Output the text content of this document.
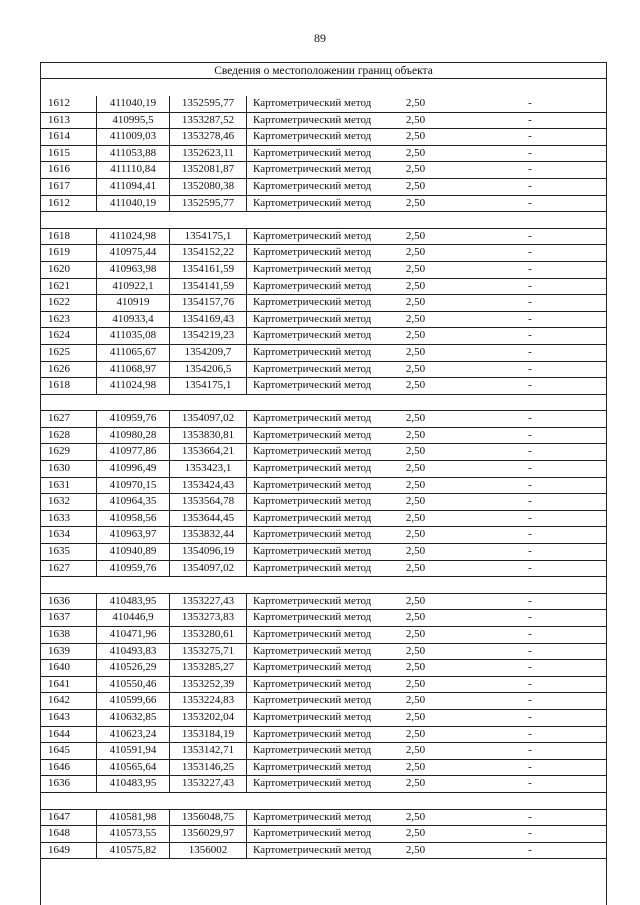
89
Сведения о местоположении границ объекта
1612	411040,19	1352595,77	Картометрический метод	2,50	-
1613	410995,5	1353287,52	Картометрический метод	2,50	-
1614	411009,03	1353278,46	Картометрический метод	2,50	-
1615	411053,88	1352623,11	Картометрический метод	2,50	-
1616	411110,84	1352081,87	Картометрический метод	2,50	-
1617	411094,41	1352080,38	Картометрический метод	2,50	-
1612	411040,19	1352595,77	Картометрический метод	2,50	-

1618	411024,98	1354175,1	Картометрический метод	2,50	-
1619	410975,44	1354152,22	Картометрический метод	2,50	-
1620	410963,98	1354161,59	Картометрический метод	2,50	-
1621	410922,1	1354141,59	Картометрический метод	2,50	-
1622	410919	1354157,76	Картометрический метод	2,50	-
1623	410933,4	1354169,43	Картометрический метод	2,50	-
1624	411035,08	1354219,23	Картометрический метод	2,50	-
1625	411065,67	1354209,7	Картометрический метод	2,50	-
1626	411068,97	1354206,5	Картометрический метод	2,50	-
1618	411024,98	1354175,1	Картометрический метод	2,50	-

1627	410959,76	1354097,02	Картометрический метод	2,50	-
1628	410980,28	1353830,81	Картометрический метод	2,50	-
1629	410977,86	1353664,21	Картометрический метод	2,50	-
1630	410996,49	1353423,1	Картометрический метод	2,50	-
1631	410970,15	1353424,43	Картометрический метод	2,50	-
1632	410964,35	1353564,78	Картометрический метод	2,50	-
1633	410958,56	1353644,45	Картометрический метод	2,50	-
1634	410963,97	1353832,44	Картометрический метод	2,50	-
1635	410940,89	1354096,19	Картометрический метод	2,50	-
1627	410959,76	1354097,02	Картометрический метод	2,50	-

1636	410483,95	1353227,43	Картометрический метод	2,50	-
1637	410446,9	1353273,83	Картометрический метод	2,50	-
1638	410471,96	1353280,61	Картометрический метод	2,50	-
1639	410493,83	1353275,71	Картометрический метод	2,50	-
1640	410526,29	1353285,27	Картометрический метод	2,50	-
1641	410550,46	1353252,39	Картометрический метод	2,50	-
1642	410599,66	1353224,83	Картометрический метод	2,50	-
1643	410632,85	1353202,04	Картометрический метод	2,50	-
1644	410623,24	1353184,19	Картометрический метод	2,50	-
1645	410591,94	1353142,71	Картометрический метод	2,50	-
1646	410565,64	1353146,25	Картометрический метод	2,50	-
1636	410483,95	1353227,43	Картометрический метод	2,50	-

1647	410581,98	1356048,75	Картометрический метод	2,50	-
1648	410573,55	1356029,97	Картометрический метод	2,50	-
1649	410575,82	1356002	Картометрический метод	2,50	-
